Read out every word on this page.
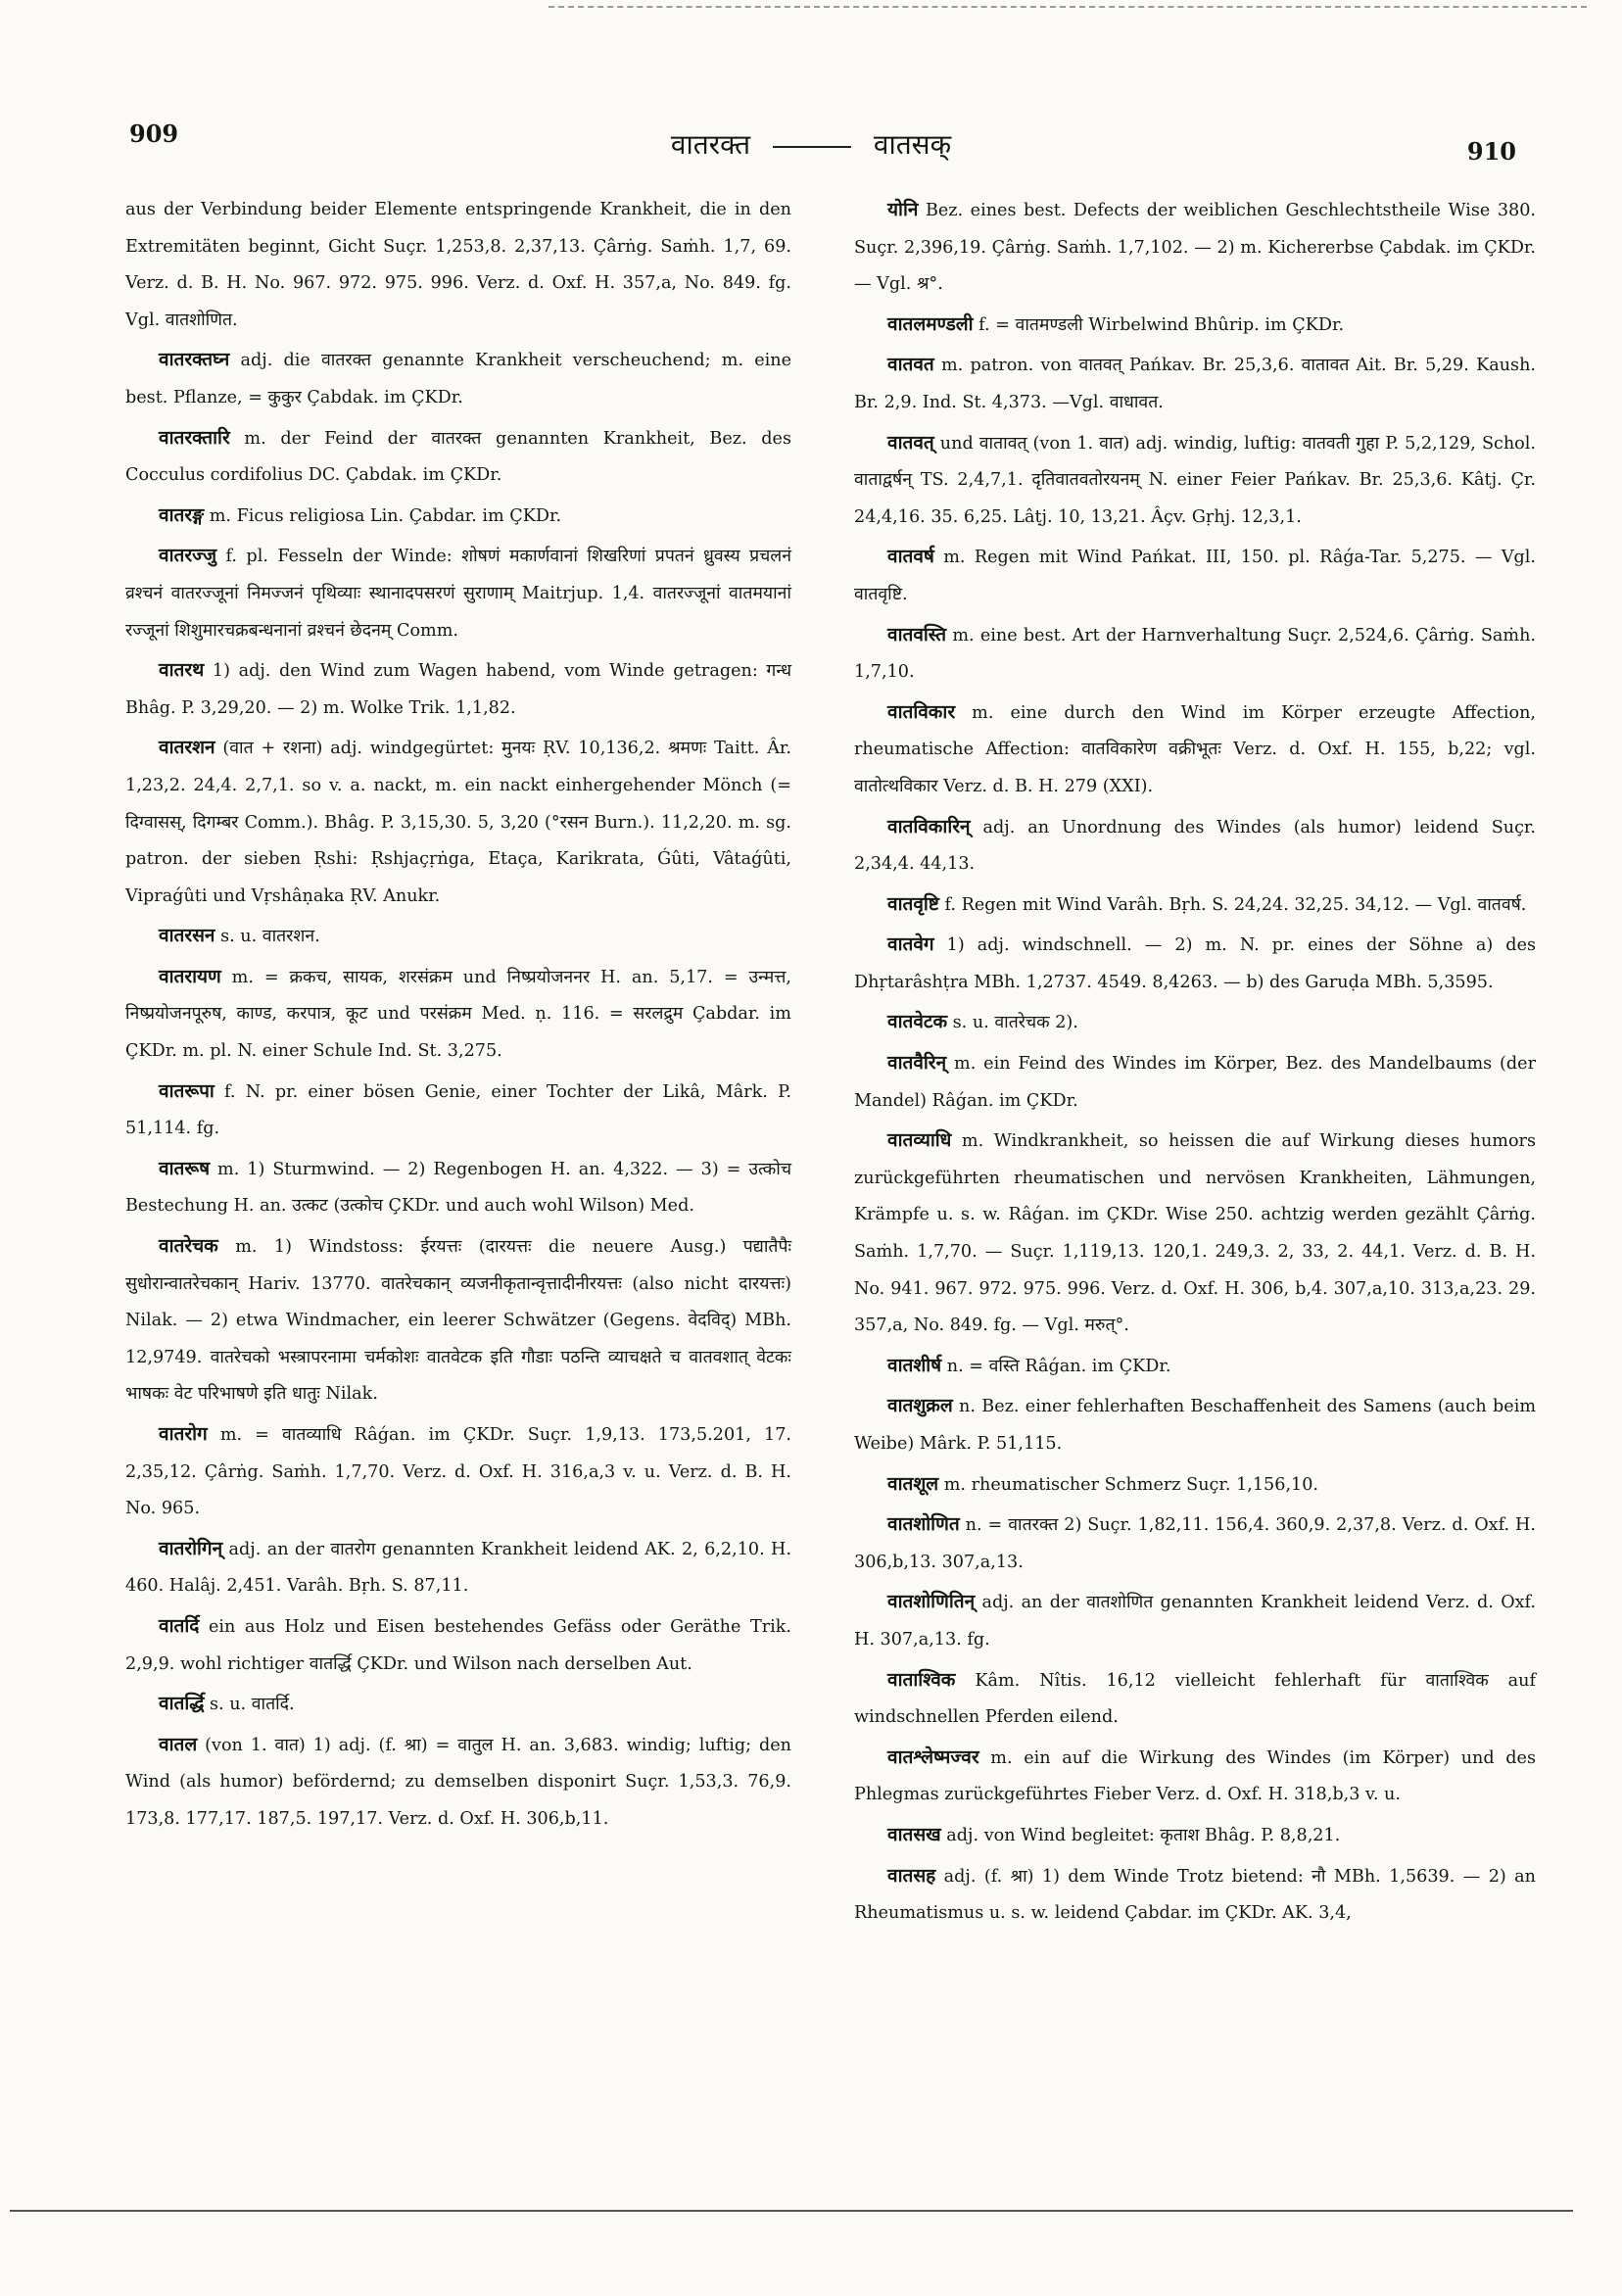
909	वातरक्त	वातसक्	910

aus der Verbindung beider Elemente entspringende Krankheit, die in den Extremitäten beginnt, Gicht Suçr. 1,253,8. 2,37,13. Çârṅg. Saṁh. 1,7, 69. Verz. d. B. H. No. 967. 972. 975. 996. Verz. d. Oxf. H. 357,a, No. 849. fg. Vgl. वातशोणित.

वातरक्तघ्न adj. die वातरक्त genannte Krankheit verscheuchend; m. eine best. Pflanze, = कुकुर Çabdak. im ÇKDr.

वातरक्तारि m. der Feind der वातरक्त genannten Krankheit, Bez. des Cocculus cordifolius DC. Çabdak. im ÇKDr.

वातरङ्ग m. Ficus religiosa Lin. Çabdar. im ÇKDr.

वातरज्जु f. pl. Fesseln der Winde: शोषणं मकार्णवानां शिखरिणां प्रपतनं ध्रुवस्य प्रचलनं व्रश्चनं वातरज्जूनां निमज्जनं पृथिव्याः स्थानादपसरणं सुराणाम् Maitrjup. 1,4. वातरज्जूनां वातमयानां रज्जूनां शिशुमारचक्रबन्धनानां व्रश्चनं छेदनम् Comm.

वातरथ 1) adj. den Wind zum Wagen habend, vom Winde getragen: गन्ध Bhâg. P. 3,29,20. — 2) m. Wolke Trik. 1,1,82.

वातरशन (वात + रशना) adj. windgegürtet: मुनयः ṚV. 10,136,2. श्रमणः Taitt. Âr. 1,23,2. 24,4. 2,7,1. so v. a. nackt, m. ein nackt einhergehender Mönch (= दिग्वासस्, दिगम्बर Comm.). Bhâg. P. 3,15,30. 5, 3,20 (°रसन Burn.). 11,2,20. m. sg. patron. der sieben Ṛshi: Ṛshjaçṛṅga, Etaça, Karikrata, Ǵûti, Vâtaǵûti, Vipraǵûti und Vṛshâṇaka ṚV. Anukr.

वातरसन s. u. वातरशन.

वातरायण m. = क्रकच, सायक, शरसंक्रम und निष्प्रयोजननर H. an. 5,17. = उन्मत्त, निष्प्रयोजनपूरुष, काण्ड, करपात्र, कूट und परसंक्रम Med. ṇ. 116. = सरलद्रुम Çabdar. im ÇKDr. m. pl. N. einer Schule Ind. St. 3,275.

वातरूपा f. N. pr. einer bösen Genie, einer Tochter der Likâ, Mârk. P. 51,114. fg.

वातरूष m. 1) Sturmwind. — 2) Regenbogen H. an. 4,322. — 3) = उत्कोच Bestechung H. an. उत्कट (उत्कोच ÇKDr. und auch wohl Wilson) Med.

वातरेचक m. 1) Windstoss: ईरयत्तः (दारयत्तः die neuere Ausg.) पद्यातैपैः सुधोरान्वातरेचकान् Hariv. 13770. वातरेचकान् व्यजनीकृतान्वृत्तादीनीरयत्तः (also nicht दारयत्तः) Nilak. — 2) etwa Windmacher, ein leerer Schwätzer (Gegens. वेदविद्) MBh. 12,9749. वातरेचको भस्त्रापरनामा चर्मकोशः वातवेटक इति गौडाः पठन्ति व्याचक्षते च वातवशात् वेटकः भाषकः वेट परिभाषणे इति धातुः Nilak.

वातरोग m. = वातव्याधि Râǵan. im ÇKDr. Suçr. 1,9,13. 173,5.201, 17. 2,35,12. Çârṅg. Saṁh. 1,7,70. Verz. d. Oxf. H. 316,a,3 v. u. Verz. d. B. H. No. 965.

वातरोगिन् adj. an der वातरोग genannten Krankheit leidend AK. 2, 6,2,10. H. 460. Halâj. 2,451. Varâh. Bṛh. S. 87,11.

वातर्दि ein aus Holz und Eisen bestehendes Gefäss oder Geräthe Trik. 2,9,9. wohl richtiger वातर्द्धि ÇKDr. und Wilson nach derselben Aut.

वातर्द्धि s. u. वातर्दि.

वातल (von 1. वात) 1) adj. (f. श्रा) = वातुल H. an. 3,683. windig; luftig; den Wind (als humor) befördernd; zu demselben disponirt Suçr. 1,53,3. 76,9. 173,8. 177,17. 187,5. 197,17. Verz. d. Oxf. H. 306,b,11.

योनि Bez. eines best. Defects der weiblichen Geschlechtstheile Wise 380. Suçr. 2,396,19. Çârṅg. Saṁh. 1,7,102. — 2) m. Kichererbse Çabdak. im ÇKDr. — Vgl. श्र°.

वातलमण्डली f. = वातमण्डली Wirbelwind Bhûrip. im ÇKDr.

वातवत m. patron. von वातवत् Pańkav. Br. 25,3,6. वातावत Ait. Br. 5,29. Kaush. Br. 2,9. Ind. St. 4,373. —Vgl. वाधावत.

वातवत् und वातावत् (von 1. वात) adj. windig, luftig: वातवती गुहा P. 5,2,129, Schol. वाताद्वर्षन् TS. 2,4,7,1. दृतिवातवतोरयनम् N. einer Feier Pańkav. Br. 25,3,6. Kâtj. Çr. 24,4,16. 35. 6,25. Lâṭj. 10, 13,21. Âçv. Gṛhj. 12,3,1.

वातवर्ष m. Regen mit Wind Pańkat. III, 150. pl. Râǵa-Tar. 5,275. — Vgl. वातवृष्टि.

वातवस्ति m. eine best. Art der Harnverhaltung Suçr. 2,524,6. Çârṅg. Saṁh. 1,7,10.

वातविकार m. eine durch den Wind im Körper erzeugte Affection, rheumatische Affection: वातविकारेण वक्रीभूतः Verz. d. Oxf. H. 155, b,22; vgl. वातोत्थविकार Verz. d. B. H. 279 (XXI).

वातविकारिन् adj. an Unordnung des Windes (als humor) leidend Suçr. 2,34,4. 44,13.

वातवृष्टि f. Regen mit Wind Varâh. Bṛh. S. 24,24. 32,25. 34,12. — Vgl. वातवर्ष.

वातवेग 1) adj. windschnell. — 2) m. N. pr. eines der Söhne a) des Dhṛtarâshṭra MBh. 1,2737. 4549. 8,4263. — b) des Garuḍa MBh. 5,3595.

वातवेटक s. u. वातरेचक 2).

वातवैरिन् m. ein Feind des Windes im Körper, Bez. des Mandelbaums (der Mandel) Râǵan. im ÇKDr.

वातव्याधि m. Windkrankheit, so heissen die auf Wirkung dieses humors zurückgeführten rheumatischen und nervösen Krankheiten, Lähmungen, Krämpfe u. s. w. Râǵan. im ÇKDr. Wise 250. achtzig werden gezählt Çârṅg. Saṁh. 1,7,70. — Suçr. 1,119,13. 120,1. 249,3. 2, 33, 2. 44,1. Verz. d. B. H. No. 941. 967. 972. 975. 996. Verz. d. Oxf. H. 306, b,4. 307,a,10. 313,a,23. 29. 357,a, No. 849. fg. — Vgl. मरुत्°.

वातशीर्ष n. = वस्ति Râǵan. im ÇKDr.

वातशुक्रल n. Bez. einer fehlerhaften Beschaffenheit des Samens (auch beim Weibe) Mârk. P. 51,115.

वातशूल m. rheumatischer Schmerz Suçr. 1,156,10.

वातशोणित n. = वातरक्त 2) Suçr. 1,82,11. 156,4. 360,9. 2,37,8. Verz. d. Oxf. H. 306,b,13. 307,a,13.

वातशोणितिन् adj. an der वातशोणित genannten Krankheit leidend Verz. d. Oxf. H. 307,a,13. fg.

वाताश्विक Kâm. Nîtis. 16,12 vielleicht fehlerhaft für वाताश्विक auf windschnellen Pferden eilend.

वातश्लेष्मज्वर m. ein auf die Wirkung des Windes (im Körper) und des Phlegmas zurückgeführtes Fieber Verz. d. Oxf. H. 318,b,3 v. u.

वातसख adj. von Wind begleitet: कृताश Bhâg. P. 8,8,21.

वातसह adj. (f. श्रा) 1) dem Winde Trotz bietend: नौ MBh. 1,5639. — 2) an Rheumatismus u. s. w. leidend Çabdar. im ÇKDr. AK. 3,4,
